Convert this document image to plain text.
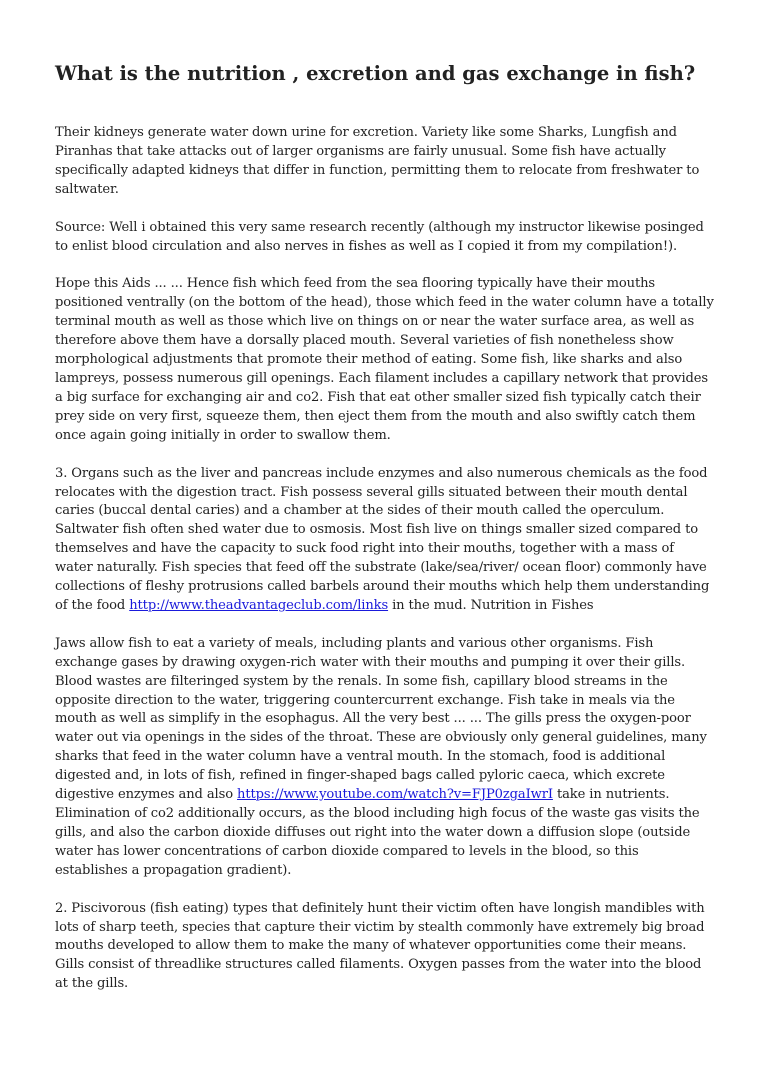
What is the nutrition , excretion and gas exchange in fish?

Their kidneys generate water down urine for excretion. Variety like some Sharks, Lungfish and Piranhas that take attacks out of larger organisms are fairly unusual. Some fish have actually specifically adapted kidneys that differ in function, permitting them to relocate from freshwater to saltwater.

Source: Well i obtained this very same research recently (although my instructor likewise posinged to enlist blood circulation and also nerves in fishes as well as I copied it from my compilation!).

Hope this Aids ... ... Hence fish which feed from the sea flooring typically have their mouths positioned ventrally (on the bottom of the head), those which feed in the water column have a totally terminal mouth as well as those which live on things on or near the water surface area, as well as therefore above them have a dorsally placed mouth. Several varieties of fish nonetheless show morphological adjustments that promote their method of eating. Some fish, like sharks and also lampreys, possess numerous gill openings. Each filament includes a capillary network that provides a big surface for exchanging air and co2. Fish that eat other smaller sized fish typically catch their prey side on very first, squeeze them, then eject them from the mouth and also swiftly catch them once again going initially in order to swallow them.

3. Organs such as the liver and pancreas include enzymes and also numerous chemicals as the food relocates with the digestion tract. Fish possess several gills situated between their mouth dental caries (buccal dental caries) and a chamber at the sides of their mouth called the operculum. Saltwater fish often shed water due to osmosis. Most fish live on things smaller sized compared to themselves and have the capacity to suck food right into their mouths, together with a mass of water naturally. Fish species that feed off the substrate (lake/sea/river/ ocean floor) commonly have collections of fleshy protrusions called barbels around their mouths which help them understanding of the food http://www.theadvantageclub.com/links in the mud. Nutrition in Fishes

Jaws allow fish to eat a variety of meals, including plants and various other organisms. Fish exchange gases by drawing oxygen-rich water with their mouths and pumping it over their gills. Blood wastes are filteringed system by the renals. In some fish, capillary blood streams in the opposite direction to the water, triggering countercurrent exchange. Fish take in meals via the mouth as well as simplify in the esophagus. All the very best ... ... The gills press the oxygen-poor water out via openings in the sides of the throat. These are obviously only general guidelines, many sharks that feed in the water column have a ventral mouth. In the stomach, food is additional digested and, in lots of fish, refined in finger-shaped bags called pyloric caeca, which excrete digestive enzymes and also https://www.youtube.com/watch?v=FJP0zgaIwrI take in nutrients. Elimination of co2 additionally occurs, as the blood including high focus of the waste gas visits the gills, and also the carbon dioxide diffuses out right into the water down a diffusion slope (outside water has lower concentrations of carbon dioxide compared to levels in the blood, so this establishes a propagation gradient).

2. Piscivorous (fish eating) types that definitely hunt their victim often have longish mandibles with lots of sharp teeth, species that capture their victim by stealth commonly have extremely big broad mouths developed to allow them to make the many of whatever opportunities come their means. Gills consist of threadlike structures called filaments. Oxygen passes from the water into the blood at the gills.
